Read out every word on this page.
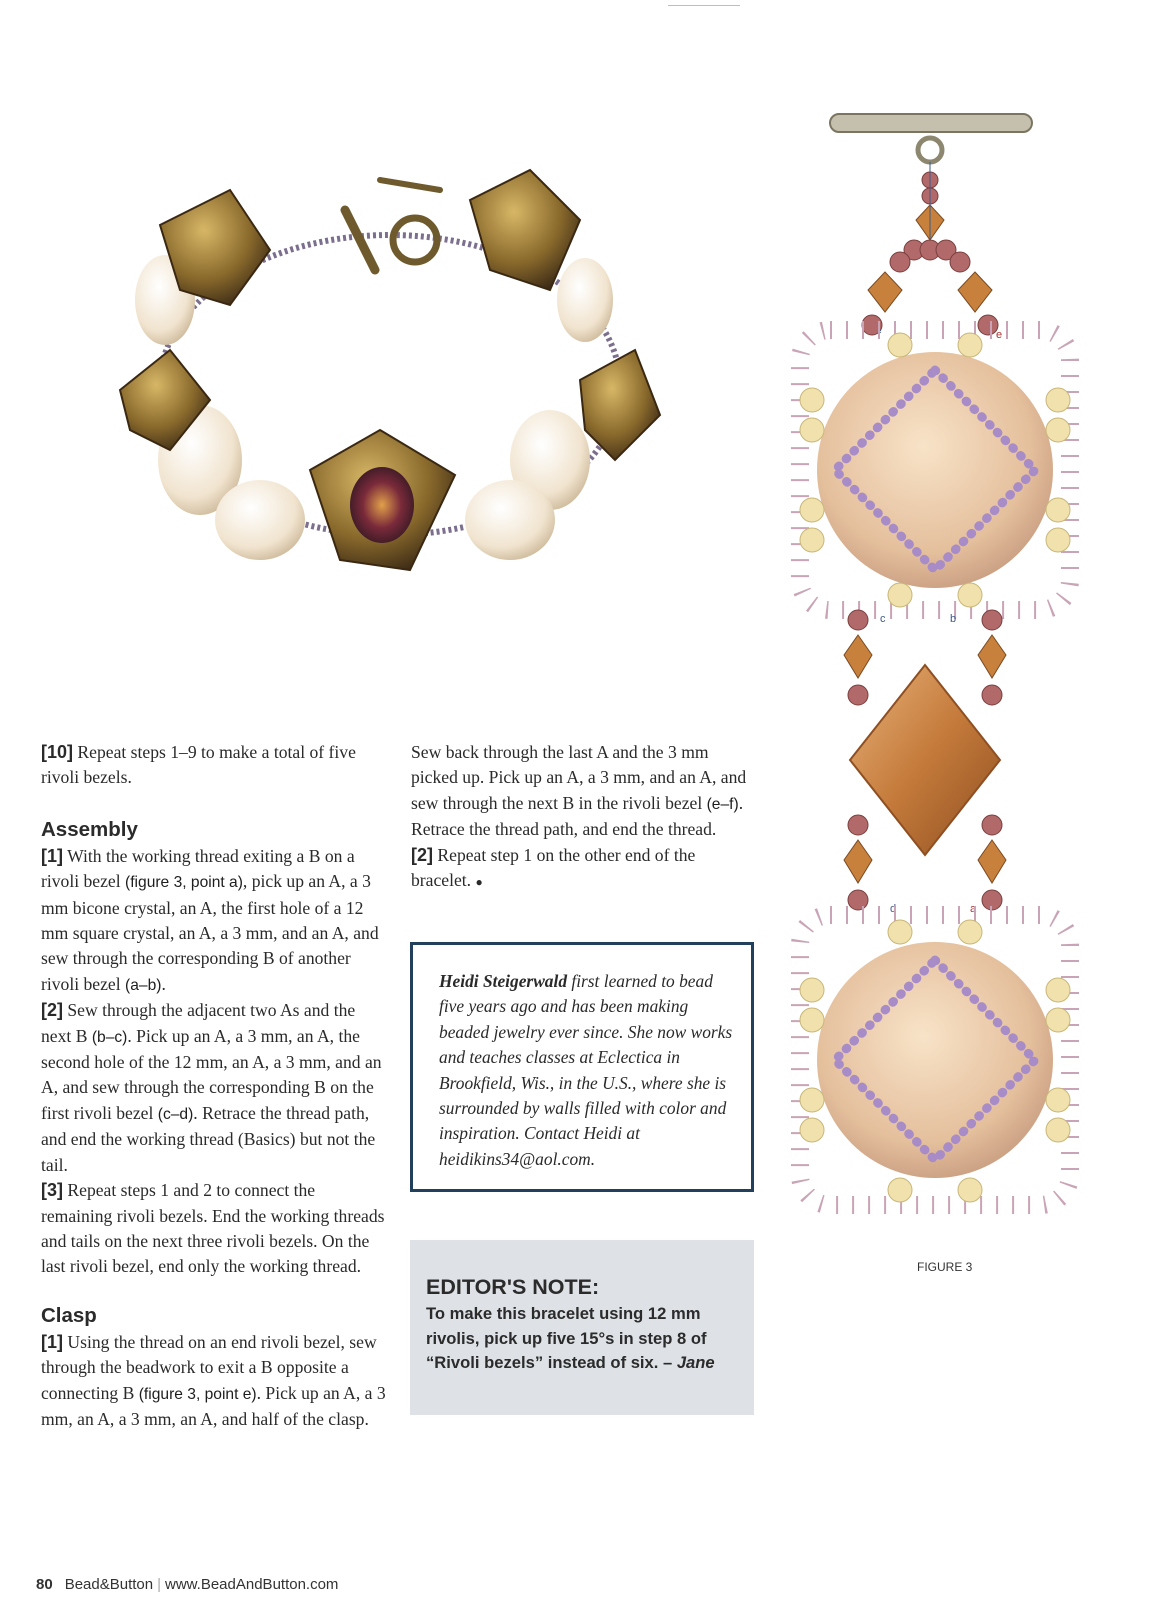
f	e
c	b
d	a

[10] Repeat steps 1–9 to make a total of five rivoli bezels.

Assembly

[1] With the working thread exiting a B on a rivoli bezel (figure 3, point a), pick up an A, a 3 mm bicone crystal, an A, the first hole of a 12 mm square crystal, an A, a 3 mm, and an A, and sew through the corresponding B of another rivoli bezel (a–b).

[2] Sew through the adjacent two As and the next B (b–c). Pick up an A, a 3 mm, an A, the second hole of the 12 mm, an A, a 3 mm, and an A, and sew through the corresponding B on the first rivoli bezel (c–d). Retrace the thread path, and end the working thread (Basics) but not the tail.

[3] Repeat steps 1 and 2 to connect the remaining rivoli bezels. End the working threads and tails on the next three rivoli bezels. On the last rivoli bezel, end only the working thread.

Clasp

[1] Using the thread on an end rivoli bezel, sew through the beadwork to exit a B opposite a connecting B (figure 3, point e). Pick up an A, a 3 mm, an A, a 3 mm, an A, and half of the clasp.

Sew back through the last A and the 3 mm picked up. Pick up an A, a 3 mm, and an A, and sew through the next B in the rivoli bezel (e–f). Retrace the thread path, and end the thread.

[2] Repeat step 1 on the other end of the bracelet. ●

Heidi Steigerwald first learned to bead five years ago and has been making beaded jewelry ever since. She now works and teaches classes at Eclectica in Brookfield, Wis., in the U.S., where she is surrounded by walls filled with color and inspiration. Contact Heidi at heidikins34@aol.com.
EDITOR'S NOTE:
To make this bracelet using 12 mm rivolis, pick up five 15°s in step 8 of “Rivoli bezels” instead of six. – Jane
FIGURE 3
80 Bead&Button | www.BeadAndButton.com
